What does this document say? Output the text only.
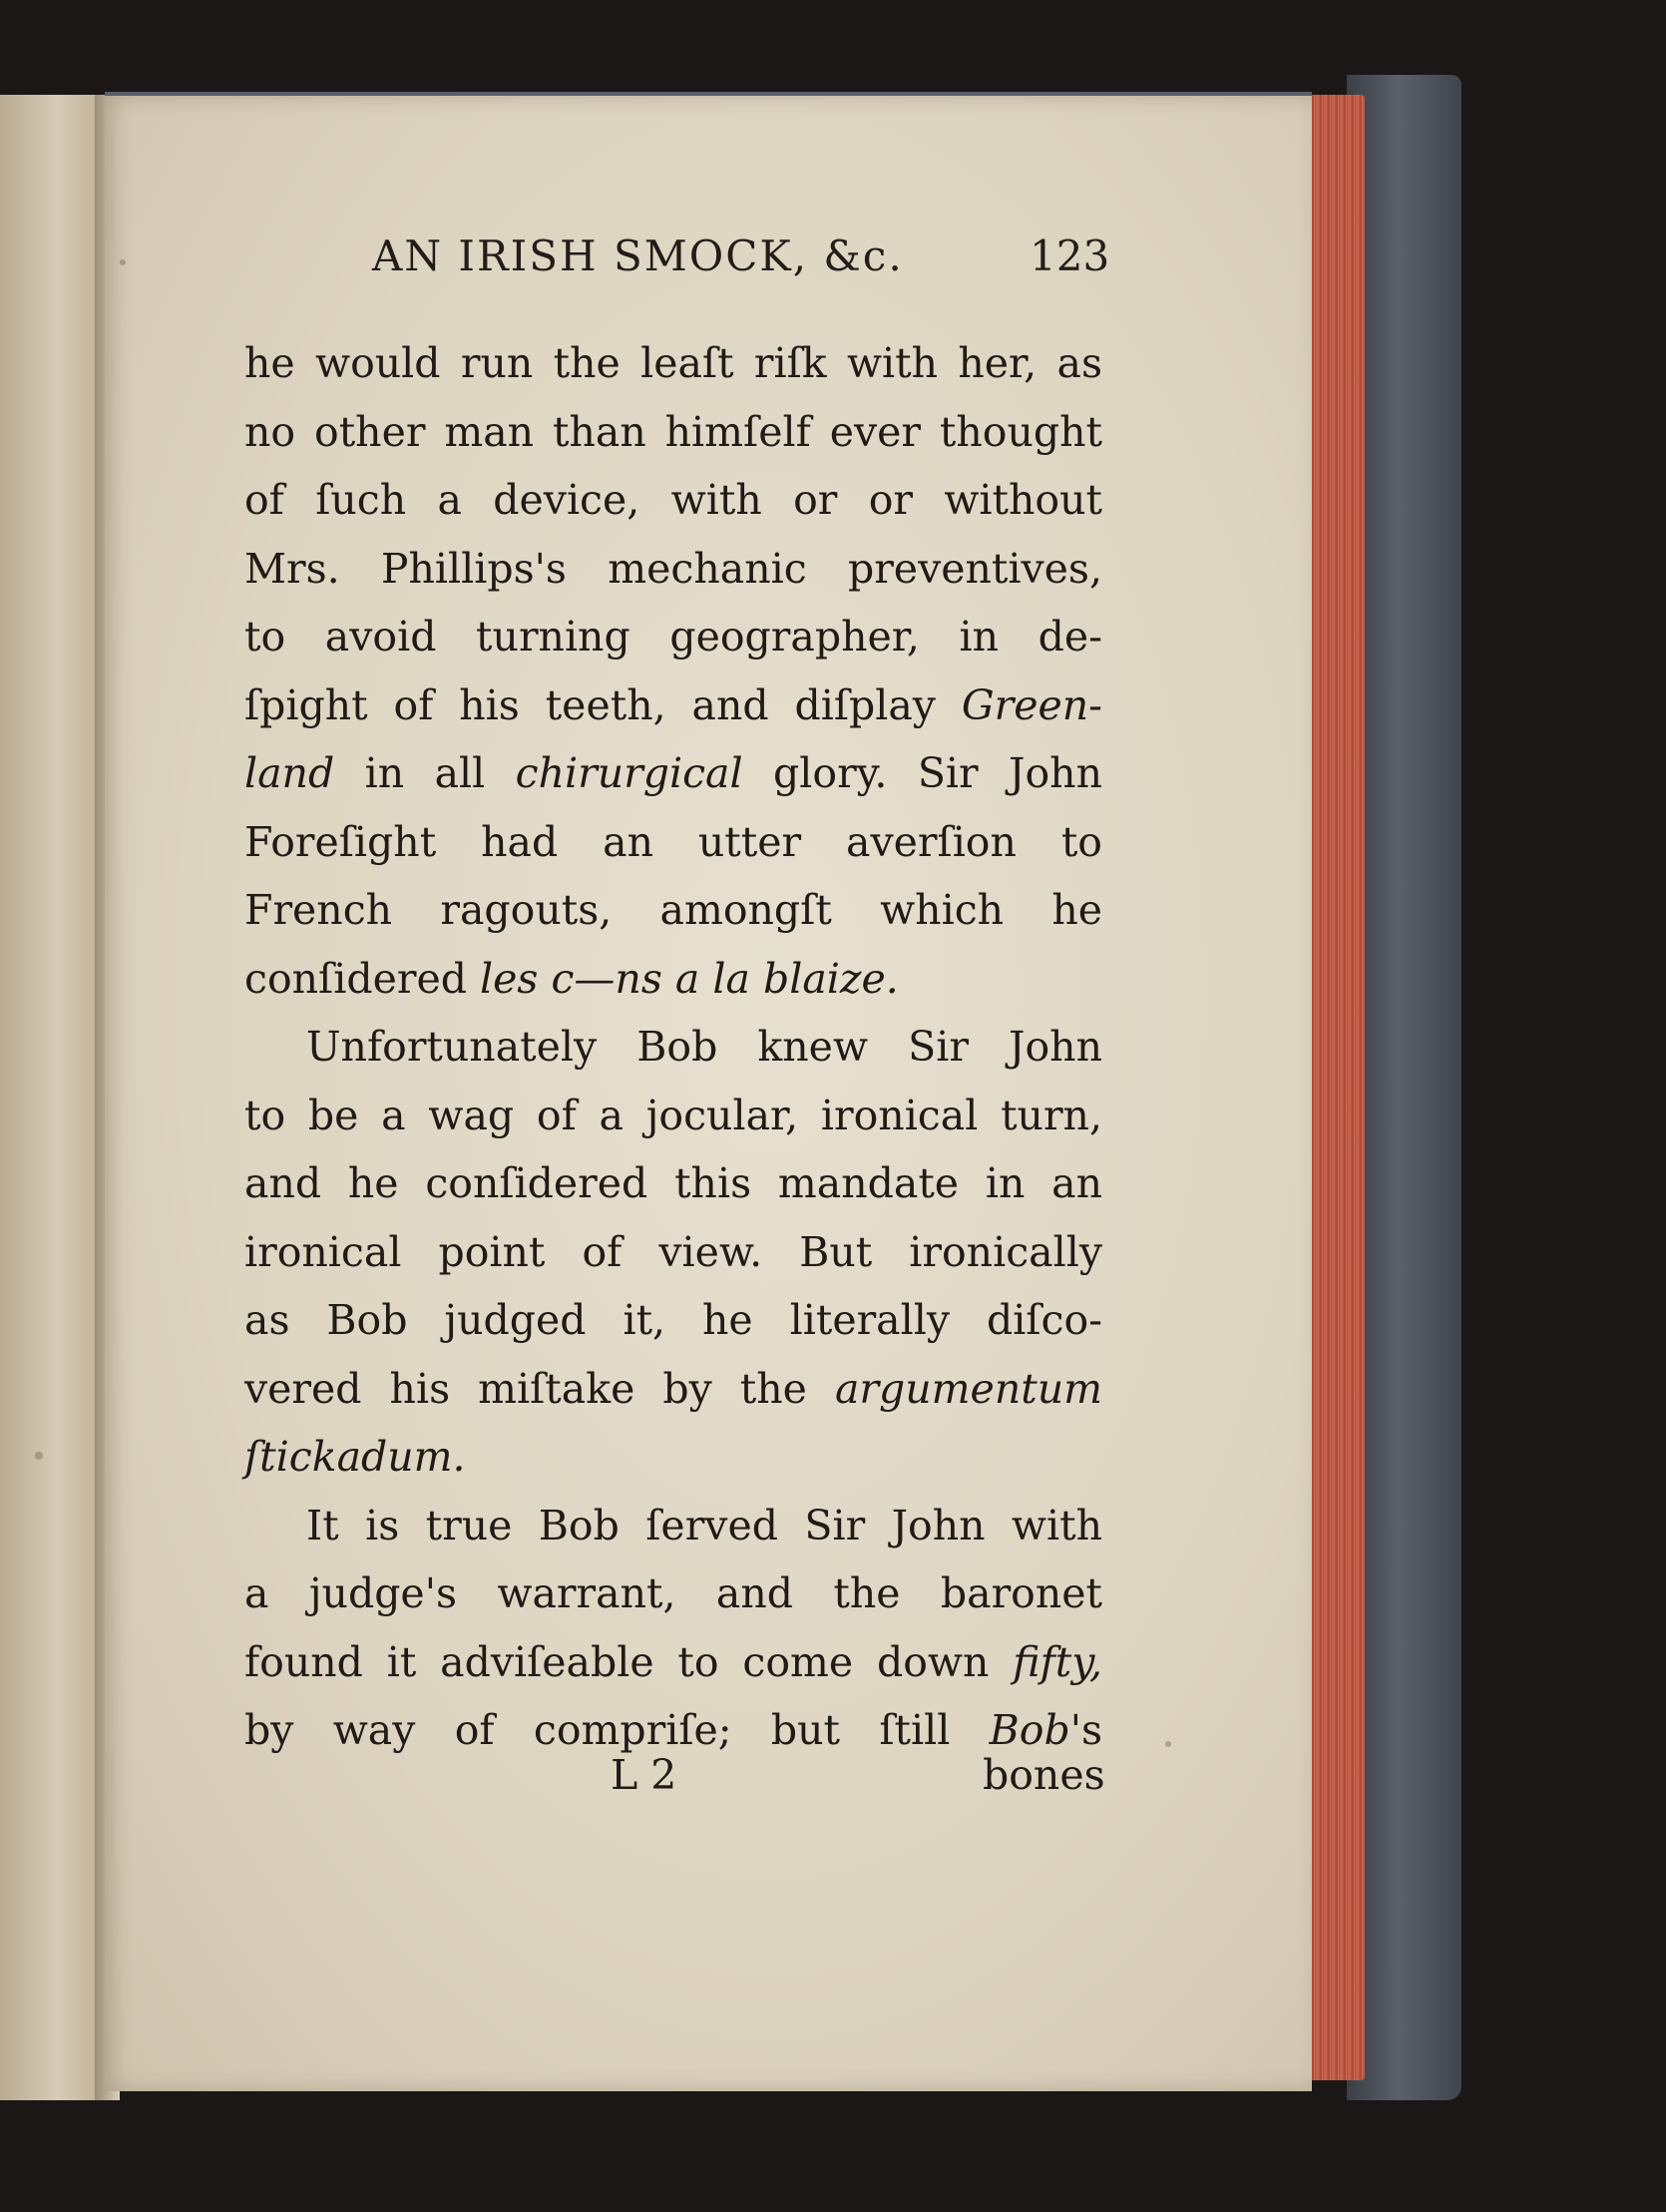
AN IRISH SMOCK, &c.	123
he would run the leaſt riſk with her, as
no other man than himſelf ever thought
of ſuch a device, with or or without
Mrs. Phillips's mechanic preventives,
to avoid turning geographer, in de-
ſpight of his teeth, and diſplay Green-
land in all chirurgical glory. Sir John
Foreſight had an utter averſion to
French ragouts, amongſt which he
conſidered les c—ns a la blaize.
Unfortunately Bob knew Sir John
to be a wag of a jocular, ironical turn,
and he conſidered this mandate in an
ironical point of view. But ironically
as Bob judged it, he literally diſco-
vered his miſtake by the argumentum
ſtickadum.
It is true Bob ſerved Sir John with
a judge's warrant, and the baronet
found it adviſeable to come down fifty,
by way of compriſe; but ſtill Bob's
L 2	bones
